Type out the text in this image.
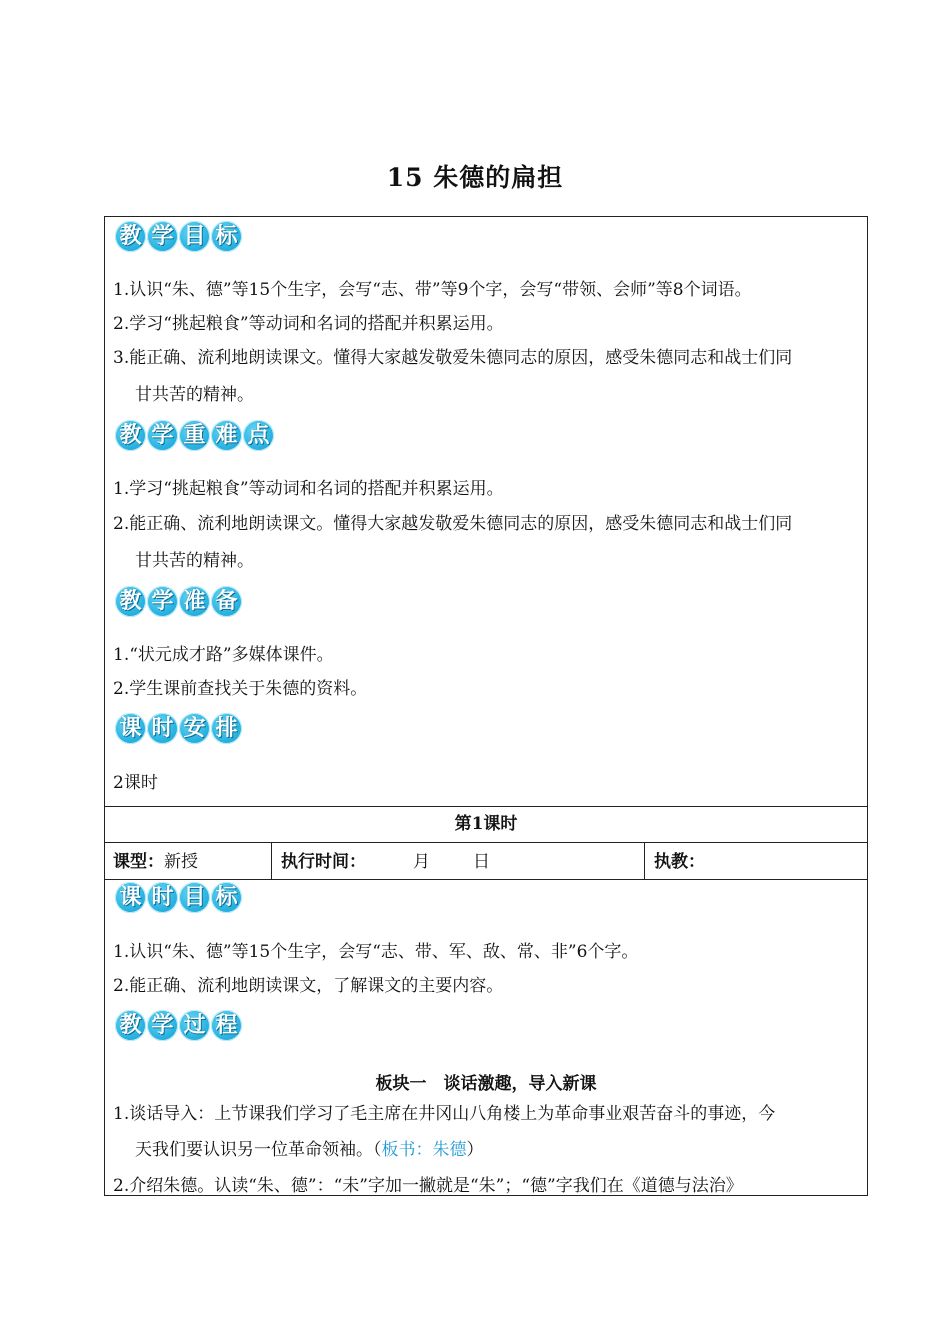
15 朱德的扁担
教 学 目 标
1.认识“朱、德”等15个生字，会写“志、带”等9个字，会写“带领、会师”等8个词语。
2.学习“挑起粮食”等动词和名词的搭配并积累运用。
3.能正确、流利地朗读课文。懂得大家越发敬爱朱德同志的原因，感受朱德同志和战士们同
甘共苦的精神。
教 学 重 难 点
1.学习“挑起粮食”等动词和名词的搭配并积累运用。
2.能正确、流利地朗读课文。懂得大家越发敬爱朱德同志的原因，感受朱德同志和战士们同
甘共苦的精神。
教 学 准 备
1.“状元成才路”多媒体课件。
2.学生课前查找关于朱德的资料。
课 时 安 排
2课时
第1课时
课型：新授	执行时间：	月	日	执教：
课 时 目 标
1.认识“朱、德”等15个生字，会写“志、带、军、敌、常、非”6个字。
2.能正确、流利地朗读课文，了解课文的主要内容。
教 学 过 程
板块一　谈话激趣，导入新课
1.谈话导入：上节课我们学习了毛主席在井冈山八角楼上为革命事业艰苦奋斗的事迹，今
天我们要认识另一位革命领袖。（板书：朱德）
2.介绍朱德。认读“朱、德”：“未”字加一撇就是“朱”；“德”字我们在《道德与法治》
